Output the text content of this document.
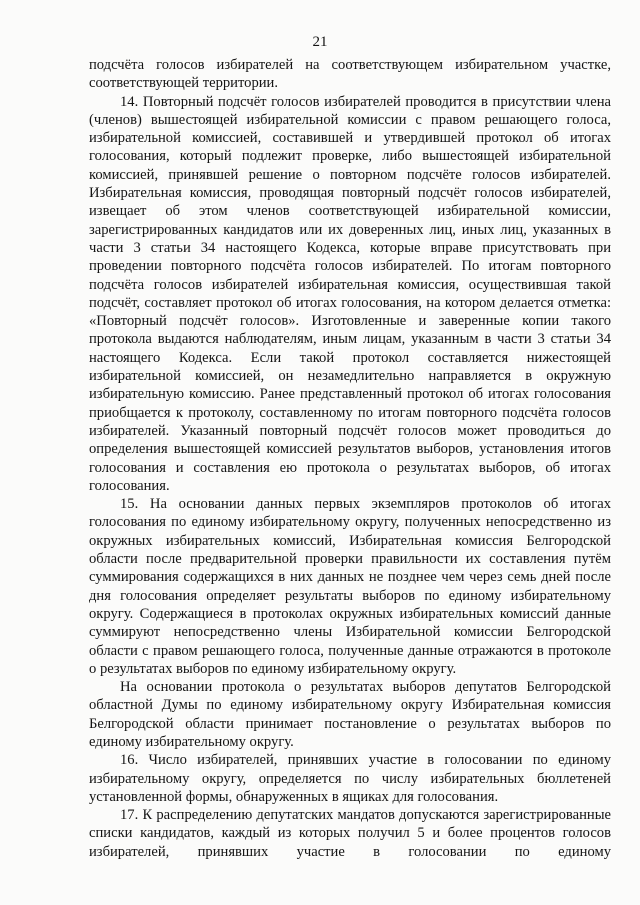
21

подсчёта голосов избирателей на соответствующем избирательном участке, соответствующей территории.

14. Повторный подсчёт голосов избирателей проводится в присутствии члена (членов) вышестоящей избирательной комиссии с правом решающего голоса, избирательной комиссией, составившей и утвердившей протокол об итогах голосования, который подлежит проверке, либо вышестоящей избирательной комиссией, принявшей решение о повторном подсчёте голосов избирателей. Избирательная комиссия, проводящая повторный подсчёт голосов избирателей, извещает об этом членов соответствующей избирательной комиссии, зарегистрированных кандидатов или их доверенных лиц, иных лиц, указанных в части 3 статьи 34 настоящего Кодекса, которые вправе присутствовать при проведении повторного подсчёта голосов избирателей. По итогам повторного подсчёта голосов избирателей избирательная комиссия, осуществившая такой подсчёт, составляет протокол об итогах голосования, на котором делается отметка: «Повторный подсчёт голосов». Изготовленные и заверенные копии такого протокола выдаются наблюдателям, иным лицам, указанным в части 3 статьи 34 настоящего Кодекса. Если такой протокол составляется нижестоящей избирательной комиссией, он незамедлительно направляется в окружную избирательную комиссию. Ранее представленный протокол об итогах голосования приобщается к протоколу, составленному по итогам повторного подсчёта голосов избирателей. Указанный повторный подсчёт голосов может проводиться до определения вышестоящей комиссией результатов выборов, установления итогов голосования и составления ею протокола о результатах выборов, об итогах голосования.

15. На основании данных первых экземпляров протоколов об итогах голосования по единому избирательному округу, полученных непосредственно из окружных избирательных комиссий, Избирательная комиссия Белгородской области после предварительной проверки правильности их составления путём суммирования содержащихся в них данных не позднее чем через семь дней после дня голосования определяет результаты выборов по единому избирательному округу. Содержащиеся в протоколах окружных избирательных комиссий данные суммируют непосредственно члены Избирательной комиссии Белгородской области с правом решающего голоса, полученные данные отражаются в протоколе о результатах выборов по единому избирательному округу.

На основании протокола о результатах выборов депутатов Белгородской областной Думы по единому избирательному округу Избирательная комиссия Белгородской области принимает постановление о результатах выборов по единому избирательному округу.

16. Число избирателей, принявших участие в голосовании по единому избирательному округу, определяется по числу избирательных бюллетеней установленной формы, обнаруженных в ящиках для голосования.

17. К распределению депутатских мандатов допускаются зарегистрированные списки кандидатов, каждый из которых получил 5 и более процентов голосов избирателей, принявших участие в голосовании по единому
